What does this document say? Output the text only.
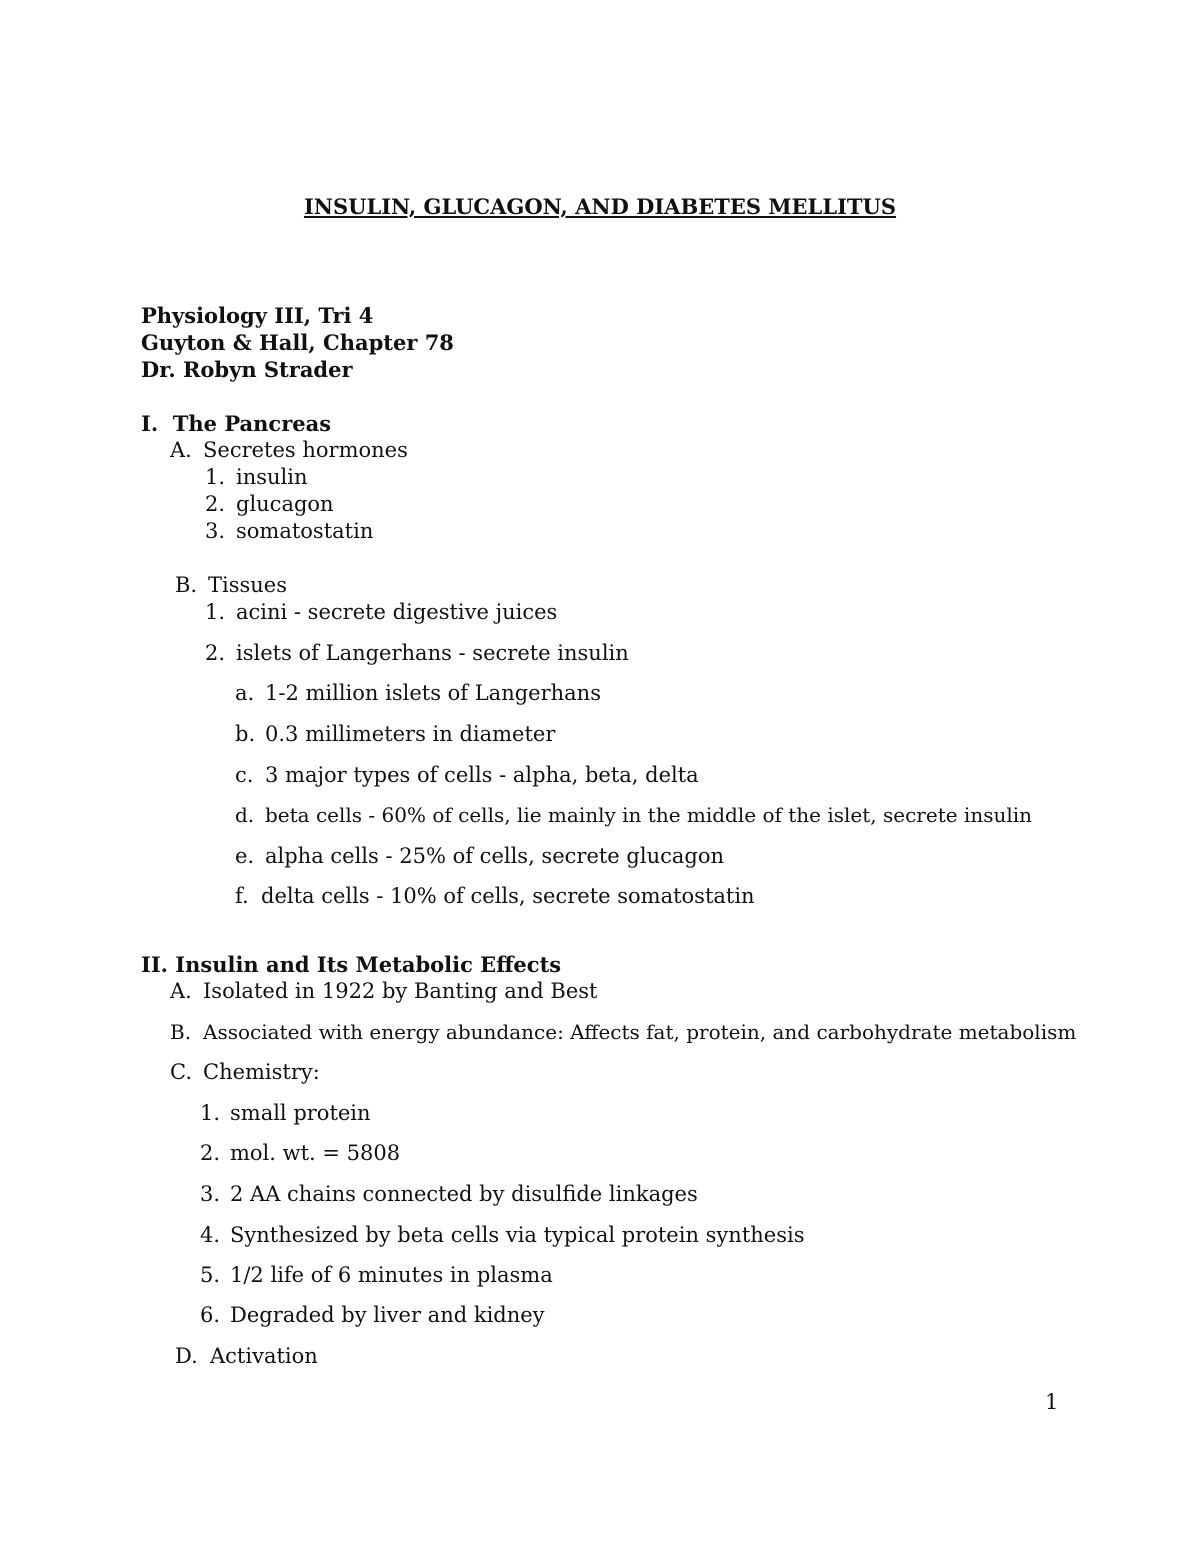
INSULIN, GLUCAGON, AND DIABETES MELLITUS
Physiology III, Tri 4
Guyton & Hall, Chapter 78
Dr. Robyn Strader
I. The Pancreas
A. Secretes hormones
1. insulin
2. glucagon
3. somatostatin
B. Tissues
1. acini - secrete digestive juices
2. islets of Langerhans - secrete insulin
a. 1-2 million islets of Langerhans
b. 0.3 millimeters in diameter
c. 3 major types of cells - alpha, beta, delta
d. beta cells - 60% of cells, lie mainly in the middle of the islet, secrete insulin
e. alpha cells - 25% of cells, secrete glucagon
f. delta cells - 10% of cells, secrete somatostatin
II. Insulin and Its Metabolic Effects
A. Isolated in 1922 by Banting and Best
B. Associated with energy abundance: Affects fat, protein, and carbohydrate metabolism
C. Chemistry:
1. small protein
2. mol. wt. = 5808
3. 2 AA chains connected by disulfide linkages
4. Synthesized by beta cells via typical protein synthesis
5. 1/2 life of 6 minutes in plasma
6. Degraded by liver and kidney
D. Activation
1
